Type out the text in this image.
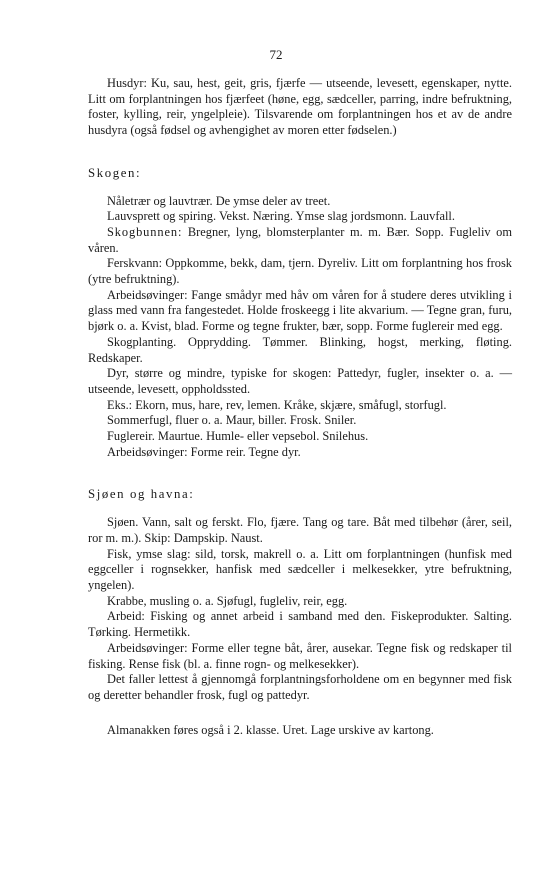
72

Husdyr: Ku, sau, hest, geit, gris, fjærfe — utseende, levesett, egenskaper, nytte. Litt om forplantningen hos fjærfeet (høne, egg, sædceller, parring, indre befruktning, foster, kylling, reir, yngelpleie). Tilsvarende om forplantningen hos et av de andre husdyra (også fødsel og avhengighet av moren etter fødselen.)

Skogen:

Nåletrær og lauvtrær. De ymse deler av treet.

Lauvsprett og spiring. Vekst. Næring. Ymse slag jordsmonn. Lauvfall.

Skogbunnen: Bregner, lyng, blomsterplanter m. m. Bær. Sopp. Fugleliv om våren.

Ferskvann: Oppkomme, bekk, dam, tjern. Dyreliv. Litt om forplantning hos frosk (ytre befruktning).

Arbeidsøvinger: Fange smådyr med håv om våren for å studere deres utvikling i glass med vann fra fangestedet. Holde froskeegg i lite akvarium. — Tegne gran, furu, bjørk o. a. Kvist, blad. Forme og tegne frukter, bær, sopp. Forme fuglereir med egg.

Skogplanting. Opprydding. Tømmer. Blinking, hogst, merking, fløting. Redskaper.

Dyr, større og mindre, typiske for skogen: Pattedyr, fugler, insekter o. a. — utseende, levesett, oppholdssted.

Eks.: Ekorn, mus, hare, rev, lemen. Kråke, skjære, småfugl, storfugl.

Sommerfugl, fluer o. a. Maur, biller. Frosk. Sniler.

Fuglereir. Maurtue. Humle- eller vepsebol. Snilehus.

Arbeidsøvinger: Forme reir. Tegne dyr.

Sjøen og havna:

Sjøen. Vann, salt og ferskt. Flo, fjære. Tang og tare. Båt med tilbehør (årer, seil, ror m. m.). Skip: Dampskip. Naust.

Fisk, ymse slag: sild, torsk, makrell o. a. Litt om forplantningen (hunfisk med eggceller i rognsekker, hanfisk med sædceller i melkesekker, ytre befruktning, yngelen).

Krabbe, musling o. a. Sjøfugl, fugleliv, reir, egg.

Arbeid: Fisking og annet arbeid i samband med den. Fiskeprodukter. Salting. Tørking. Hermetikk.

Arbeidsøvinger: Forme eller tegne båt, årer, ausekar. Tegne fisk og redskaper til fisking. Rense fisk (bl. a. finne rogn- og melkesekker).

Det faller lettest å gjennomgå forplantningsforholdene om en begynner med fisk og deretter behandler frosk, fugl og pattedyr.

Almanakken føres også i 2. klasse. Uret. Lage urskive av kartong.
